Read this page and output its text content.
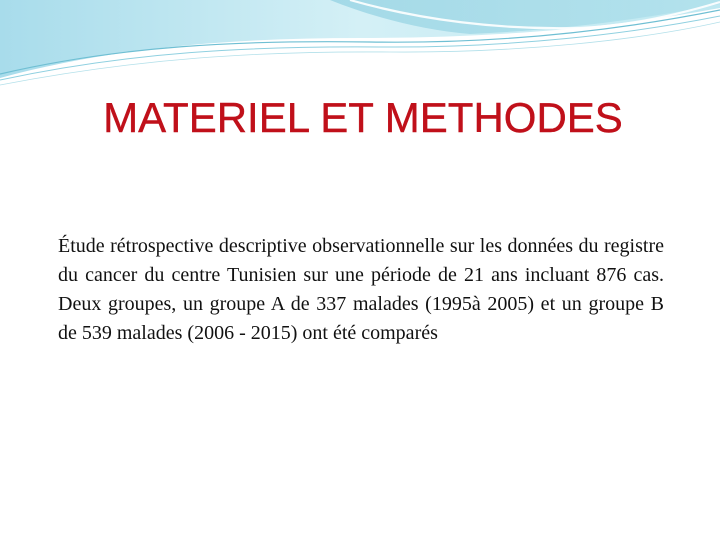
MATERIEL ET METHODES

Étude rétrospective descriptive observationnelle sur les données du registre du cancer du centre Tunisien sur une période de 21 ans incluant 876 cas. Deux groupes, un groupe A de 337 malades (1995à 2005) et un groupe B de 539 malades (2006 - 2015) ont été comparés
